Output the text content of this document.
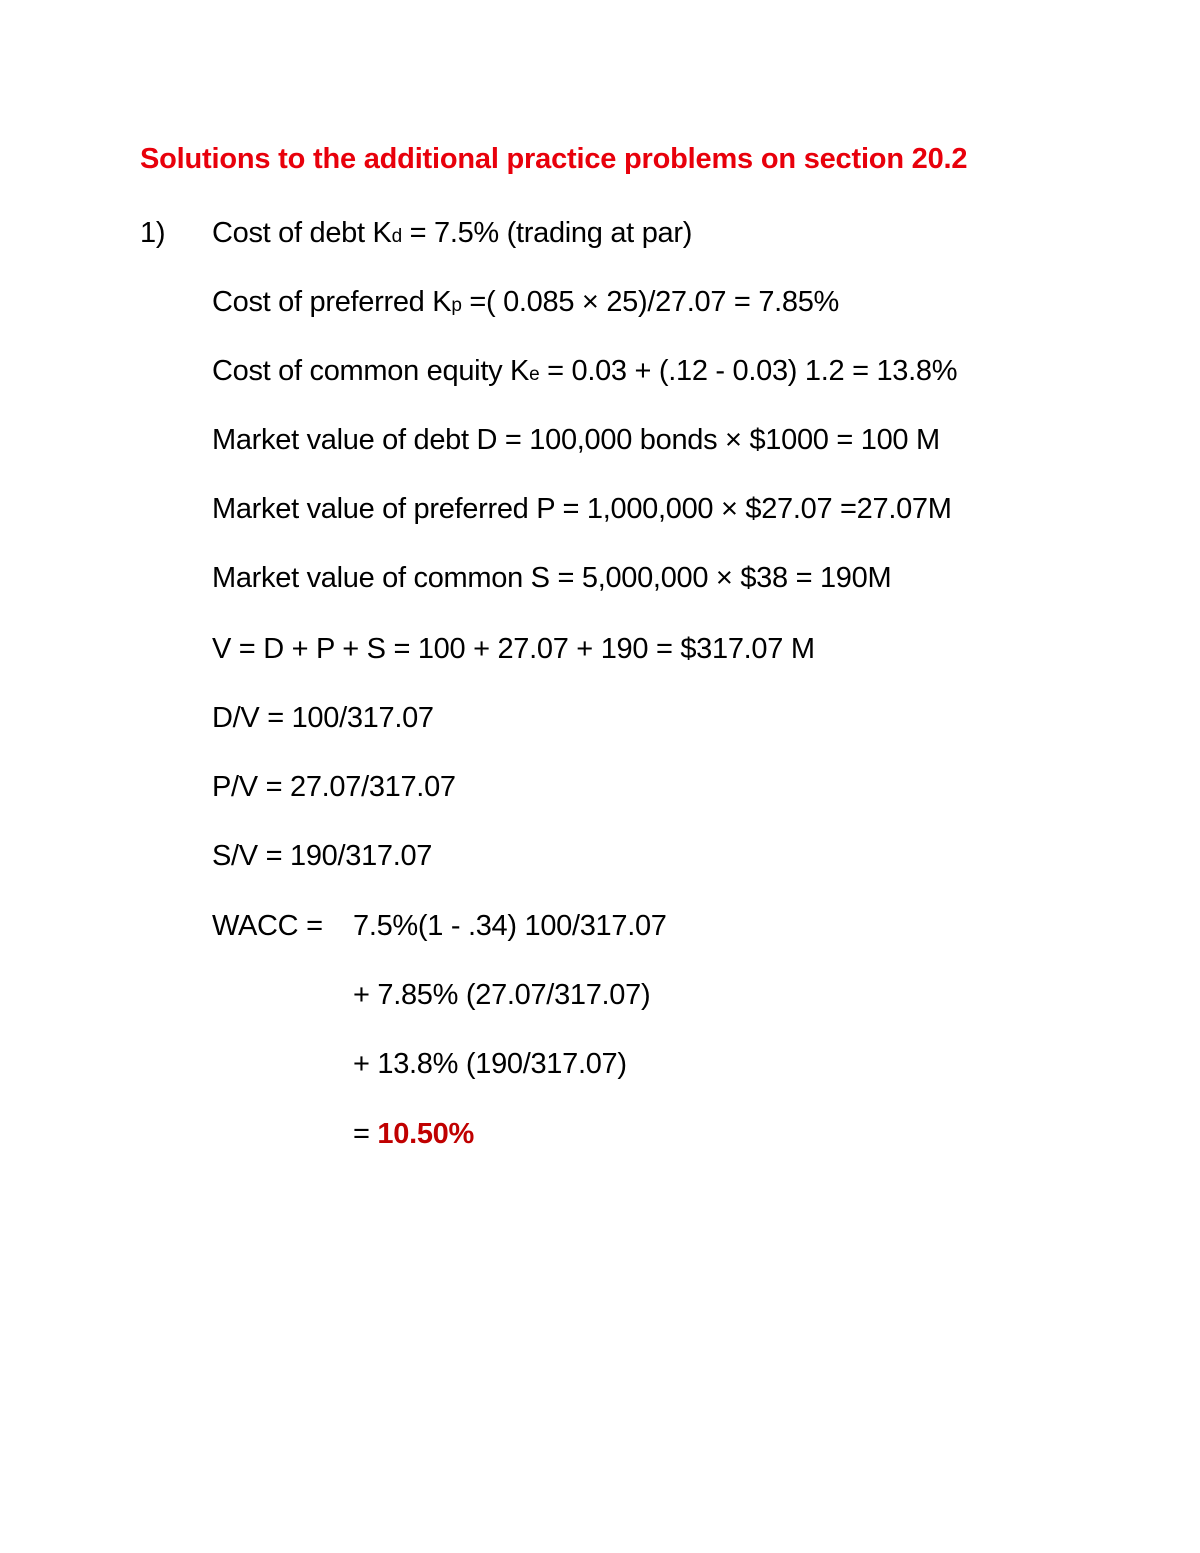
Solutions to the additional practice problems on section 20.2
1) Cost of debt Kd = 7.5% (trading at par)
Cost of preferred Kp =( 0.085 × 25)/27.07 = 7.85%
Cost of common equity Ke = 0.03 + (.12 - 0.03) 1.2 = 13.8%
Market value of debt D = 100,000 bonds × $1000 = 100 M
Market value of preferred P = 1,000,000 × $27.07 =27.07M
Market value of common S = 5,000,000 × $38 = 190M
V = D + P + S = 100 + 27.07 + 190 = $317.07 M
D/V = 100/317.07
P/V = 27.07/317.07
S/V = 190/317.07
WACC = 7.5%(1 - .34) 100/317.07
+ 7.85% (27.07/317.07)
+ 13.8% (190/317.07)
= 10.50%
